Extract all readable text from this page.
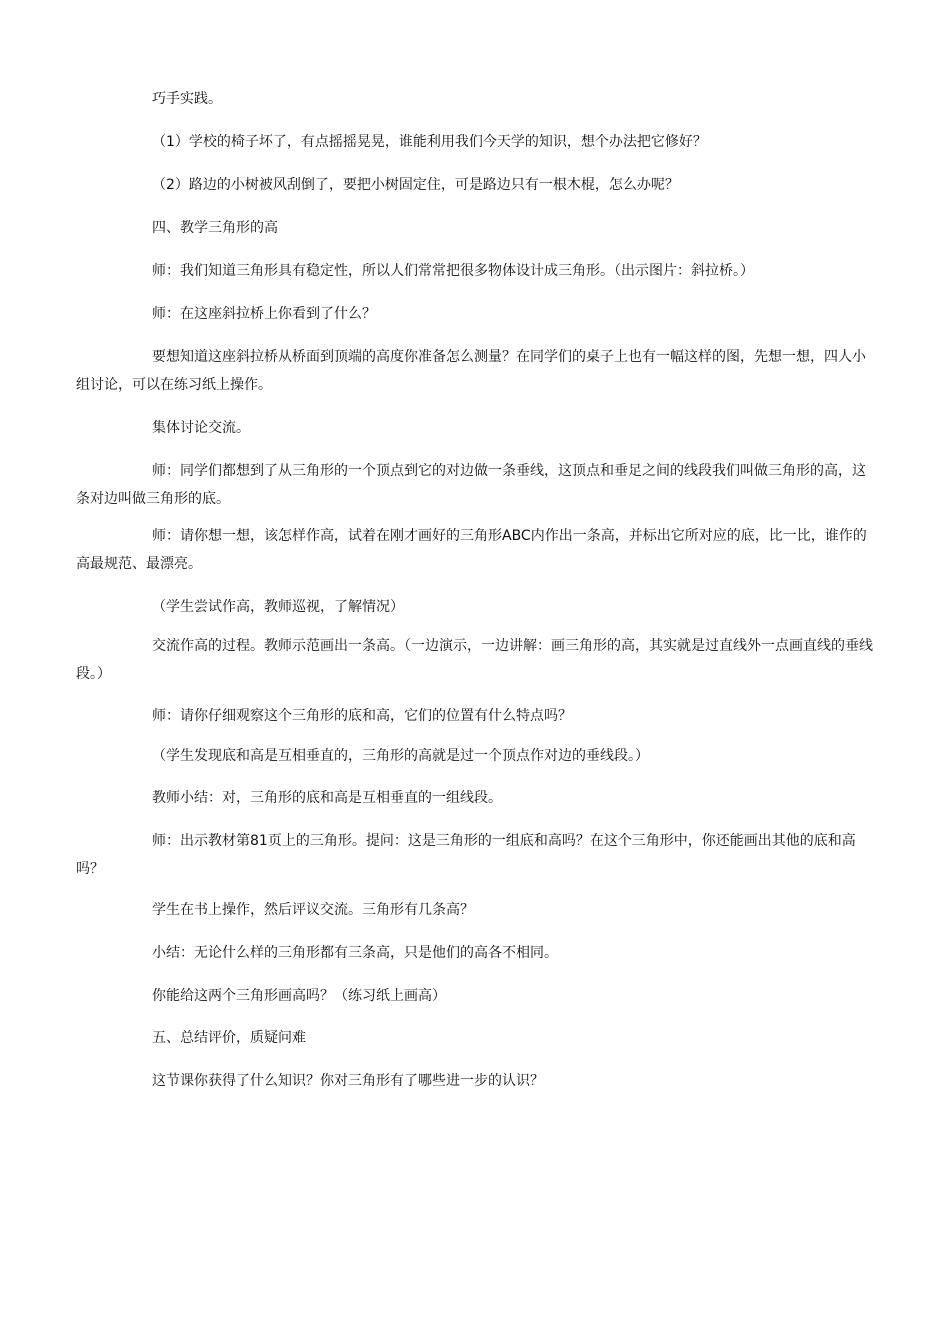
巧手实践。

（1）学校的椅子坏了，有点摇摇晃晃，谁能利用我们今天学的知识，想个办法把它修好？

（2）路边的小树被风刮倒了，要把小树固定住，可是路边只有一根木棍，怎么办呢？

四、教学三角形的高

师：我们知道三角形具有稳定性，所以人们常常把很多物体设计成三角形。（出示图片：斜拉桥。）

师：在这座斜拉桥上你看到了什么？

要想知道这座斜拉桥从桥面到顶端的高度你准备怎么测量？在同学们的桌子上也有一幅这样的图，先想一想，四人小组讨论，可以在练习纸上操作。

集体讨论交流。

师：同学们都想到了从三角形的一个顶点到它的对边做一条垂线，这顶点和垂足之间的线段我们叫做三角形的高，这条对边叫做三角形的底。

师：请你想一想，该怎样作高，试着在刚才画好的三角形ABC内作出一条高，并标出它所对应的底，比一比，谁作的高最规范、最漂亮。

（学生尝试作高，教师巡视，了解情况）

交流作高的过程。教师示范画出一条高。（一边演示，一边讲解：画三角形的高，其实就是过直线外一点画直线的垂线段。）

师：请你仔细观察这个三角形的底和高，它们的位置有什么特点吗？

（学生发现底和高是互相垂直的，三角形的高就是过一个顶点作对边的垂线段。）

教师小结：对，三角形的底和高是互相垂直的一组线段。

师：出示教材第81页上的三角形。提问：这是三角形的一组底和高吗？在这个三角形中，你还能画出其他的底和高吗？

学生在书上操作，然后评议交流。三角形有几条高？

小结：无论什么样的三角形都有三条高，只是他们的高各不相同。

你能给这两个三角形画高吗？（练习纸上画高）

五、总结评价，质疑问难

这节课你获得了什么知识？你对三角形有了哪些进一步的认识？
